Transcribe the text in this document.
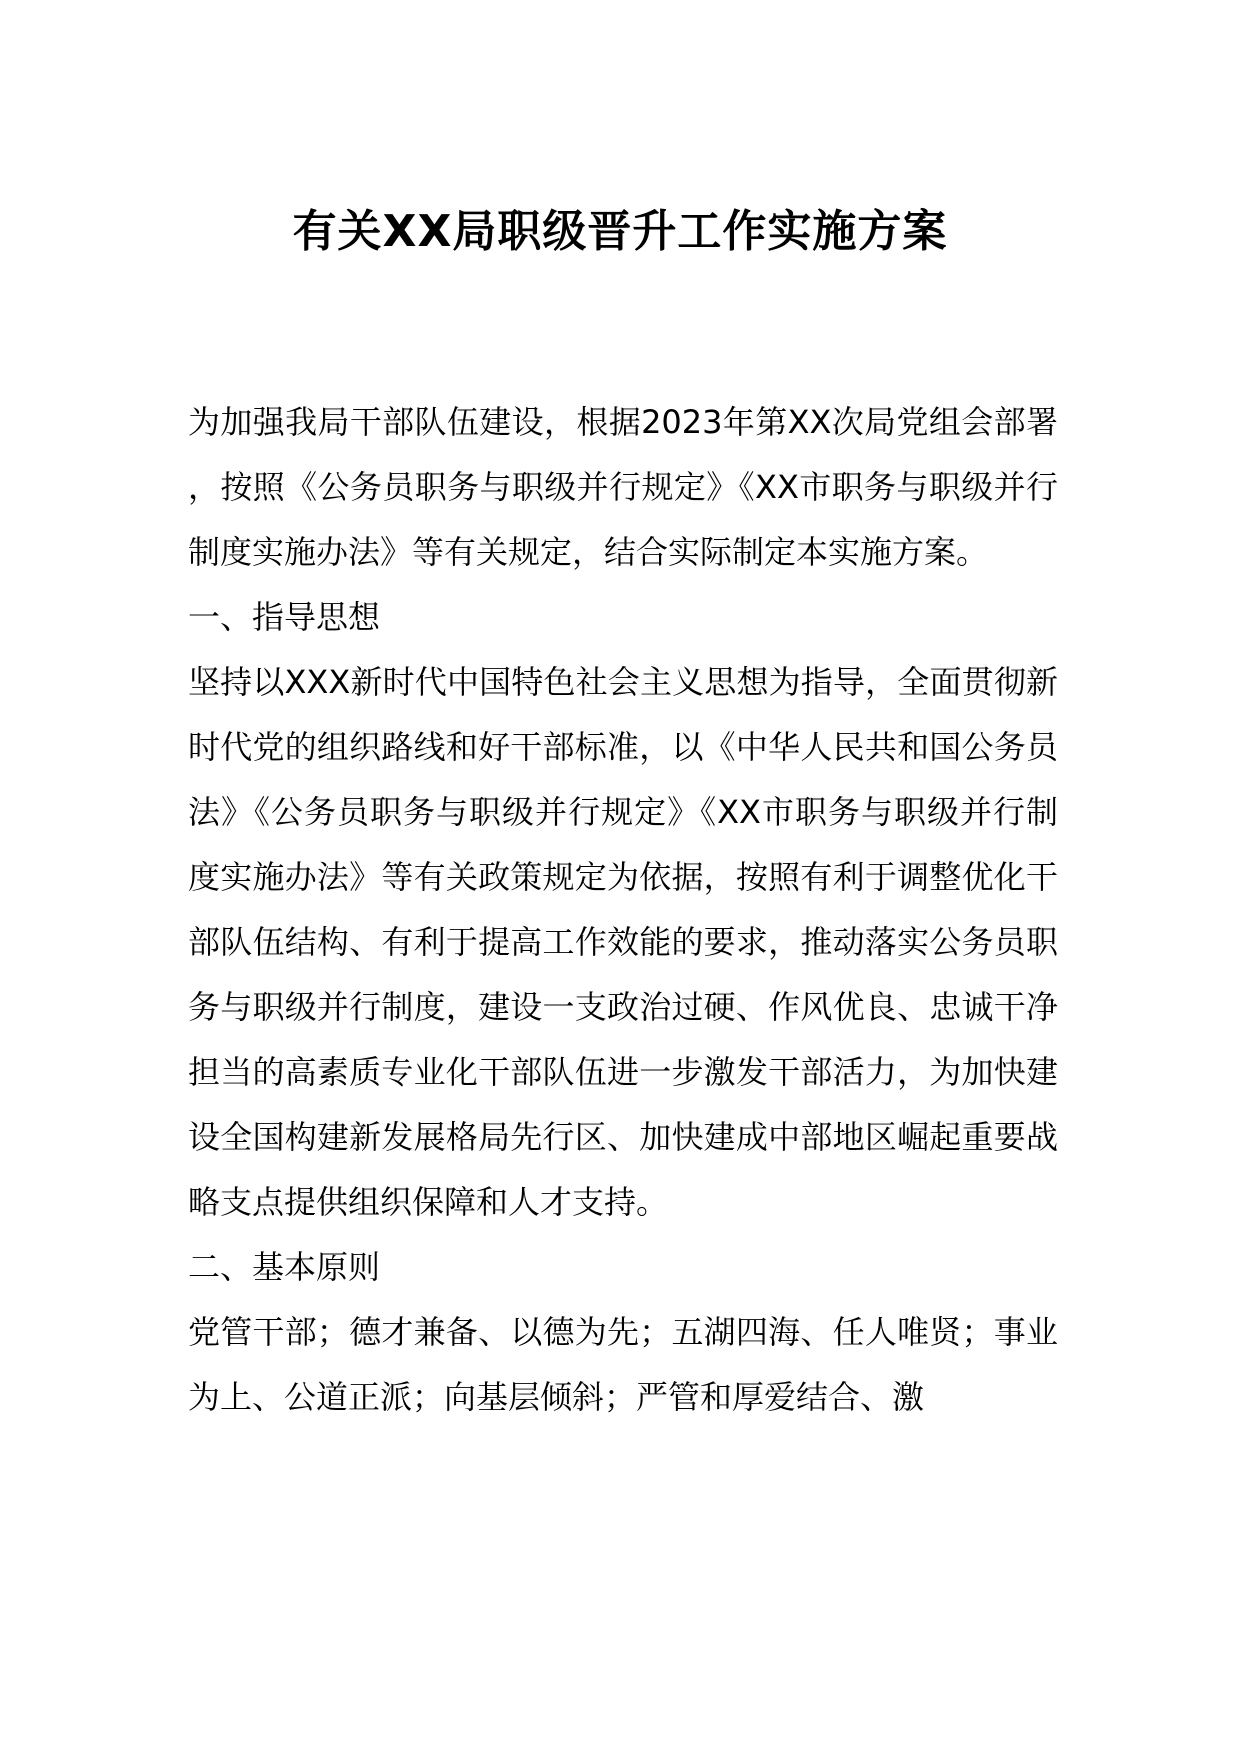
有关XX局职级晋升工作实施方案

为加强我局干部队伍建设，根据2023年第XX次局党组会部署，按照《公务员职务与职级并行规定》《XX市职务与职级并行制度实施办法》等有关规定，结合实际制定本实施方案。

一、指导思想

坚持以XXX新时代中国特色社会主义思想为指导，全面贯彻新时代党的组织路线和好干部标准，以《中华人民共和国公务员法》《公务员职务与职级并行规定》《XX市职务与职级并行制度实施办法》等有关政策规定为依据，按照有利于调整优化干部队伍结构、有利于提高工作效能的要求，推动落实公务员职务与职级并行制度，建设一支政治过硬、作风优良、忠诚干净担当的高素质专业化干部队伍进一步激发干部活力，为加快建设全国构建新发展格局先行区、加快建成中部地区崛起重要战略支点提供组织保障和人才支持。

二、基本原则

党管干部；德才兼备、以德为先；五湖四海、任人唯贤；事业为上、公道正派；向基层倾斜；严管和厚爱结合、激
